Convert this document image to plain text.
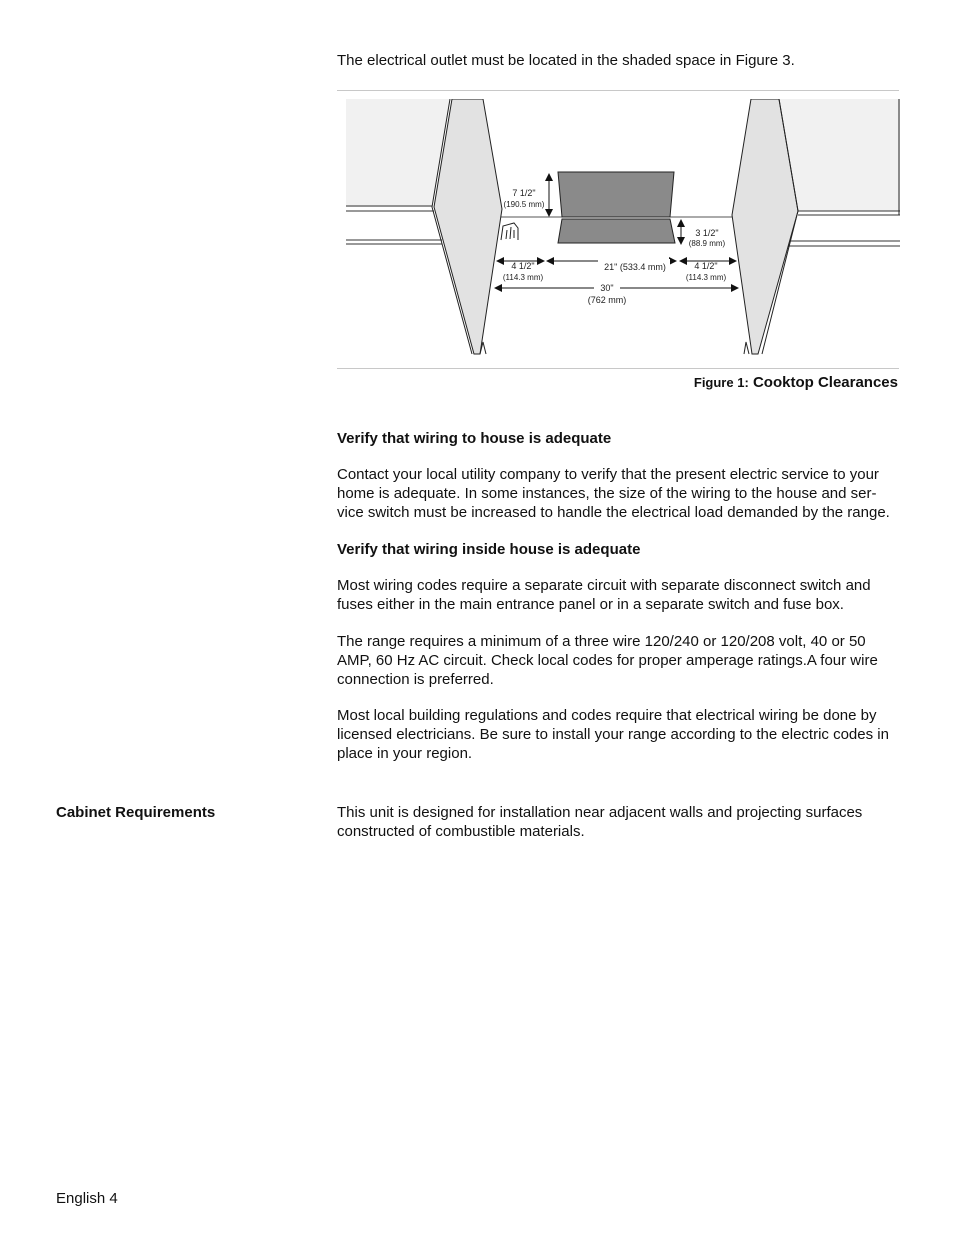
The electrical outlet must be located in the shaded space in Figure 3.
7 1/2"
(190.5 mm)
3 1/2"
(88.9 mm)
4 1/2"
(114.3 mm)
21" (533.4 mm)	4 1/2"
(114.3 mm)
30"
(762 mm)
Figure 1: Cooktop Clearances
Verify that wiring to house is adequate

Contact your local utility company to verify that the present electric service to your home is adequate. In some instances, the size of the wiring to the house and ser-vice switch must be increased to handle the electrical load demanded by the range.

Verify that wiring inside house is adequate

Most wiring codes require a separate circuit with separate disconnect switch and fuses either in the main entrance panel or in a separate switch and fuse box.

The range requires a minimum of a three wire 120/240 or 120/208 volt, 40 or 50 AMP, 60 Hz AC circuit. Check local codes for proper amperage ratings.A four wire connection is preferred.

Most local building regulations and codes require that electrical wiring be done by licensed electricians. Be sure to install your range according to the electric codes in place in your region.

Cabinet Requirements	This unit is designed for installation near adjacent walls and projecting surfaces constructed of combustible materials.

English 4
